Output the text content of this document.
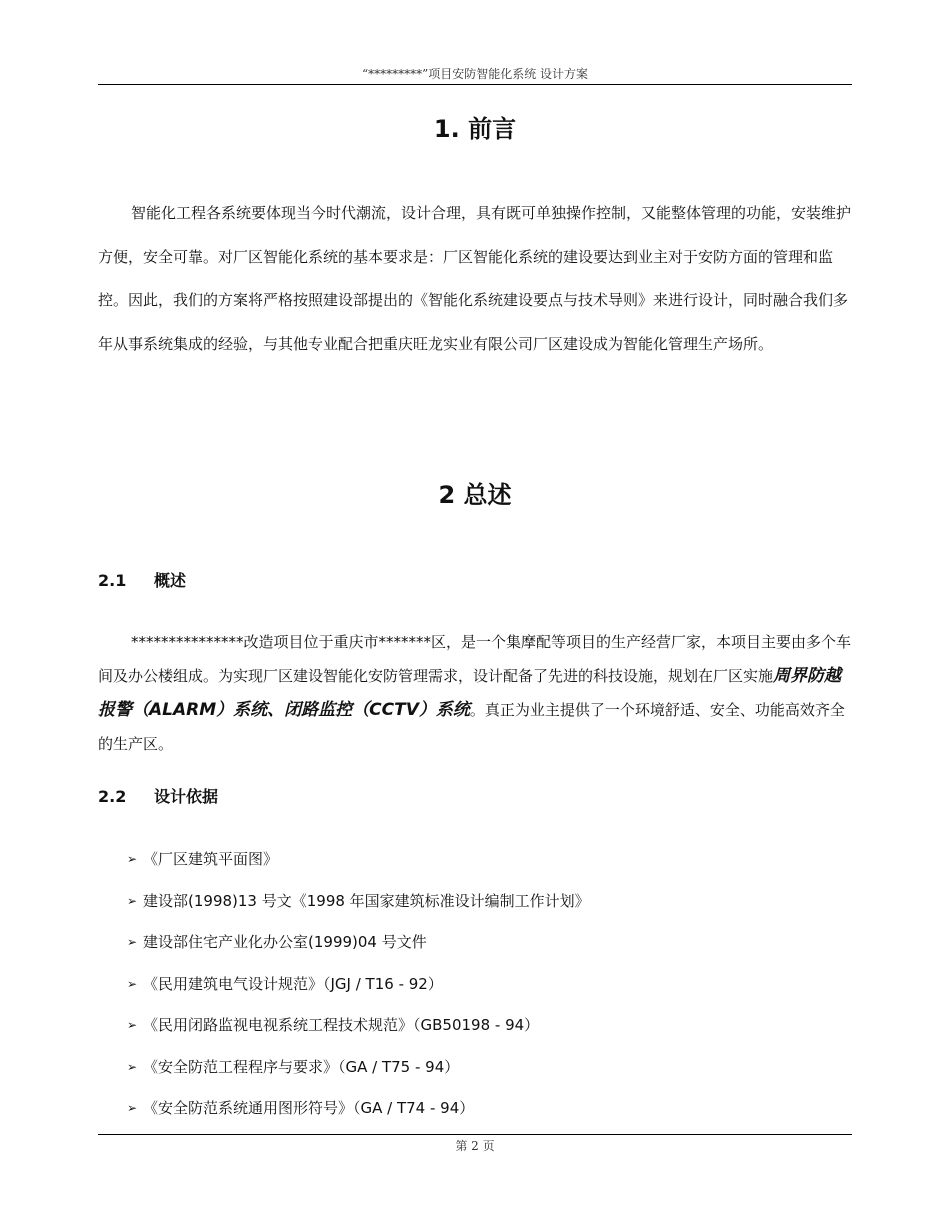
“*********”项目安防智能化系统 设计方案
1. 前言

智能化工程各系统要体现当今时代潮流，设计合理，具有既可单独操作控制，又能整体管理的功能，安装维护方便，安全可靠。对厂区智能化系统的基本要求是：厂区智能化系统的建设要达到业主对于安防方面的管理和监控。因此，我们的方案将严格按照建设部提出的《智能化系统建设要点与技术导则》来进行设计，同时融合我们多年从事系统集成的经验，与其他专业配合把重庆旺龙实业有限公司厂区建设成为智能化管理生产场所。

2 总述
2.1 概述

***************改造项目位于重庆市*******区，是一个集摩配等项目的生产经营厂家，本项目主要由多个车间及办公楼组成。为实现厂区建设智能化安防管理需求，设计配备了先进的科技设施，规划在厂区实施周界防越报警（ALARM）系统、闭路监控（CCTV）系统。真正为业主提供了一个环境舒适、安全、功能高效齐全的生产区。

2.2 设计依据
➢ 《厂区建筑平面图》
➢ 建设部(1998)13 号文《1998 年国家建筑标准设计编制工作计划》
➢ 建设部住宅产业化办公室(1999)04 号文件
➢ 《民用建筑电气设计规范》（JGJ / T16 - 92）
➢ 《民用闭路监视电视系统工程技术规范》（GB50198 - 94）
➢ 《安全防范工程程序与要求》（GA / T75 - 94）
➢ 《安全防范系统通用图形符号》（GA / T74 - 94）
第 2 页
